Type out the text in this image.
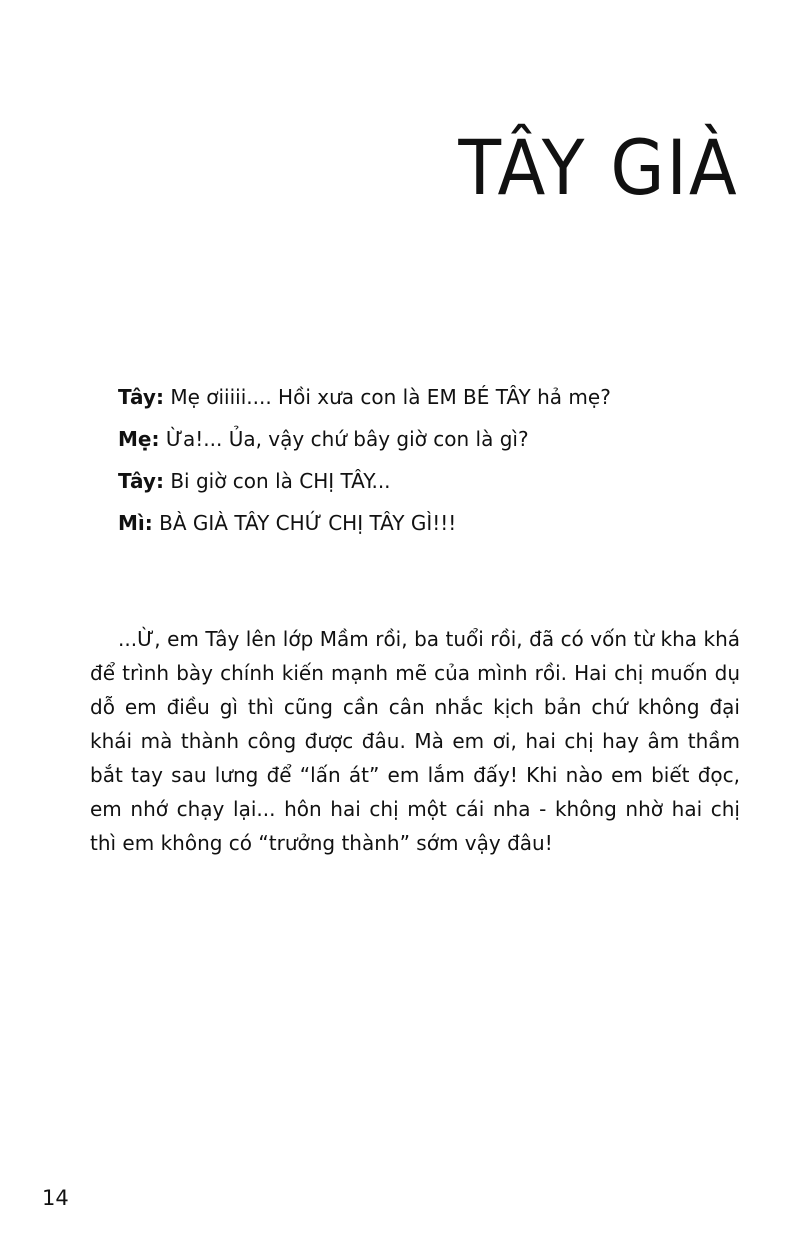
TÂY GIÀ
Tây: Mẹ ơiiiii.... Hồi xưa con là EM BÉ TÂY hả mẹ?
Mẹ: Ừa!... Ủa, vậy chứ bây giờ con là gì?
Tây: Bi giờ con là CHỊ TÂY...
Mì: BÀ GIÀ TÂY CHỨ CHỊ TÂY GÌ!!!

...Ừ, em Tây lên lớp Mầm rồi, ba tuổi rồi, đã có vốn từ kha khá để trình bày chính kiến mạnh mẽ của mình rồi. Hai chị muốn dụ dỗ em điều gì thì cũng cần cân nhắc kịch bản chứ không đại khái mà thành công được đâu. Mà em ơi, hai chị hay âm thầm bắt tay sau lưng để “lấn át” em lắm đấy! Khi nào em biết đọc, em nhớ chạy lại... hôn hai chị một cái nha - không nhờ hai chị thì em không có “trưởng thành” sớm vậy đâu!

14
